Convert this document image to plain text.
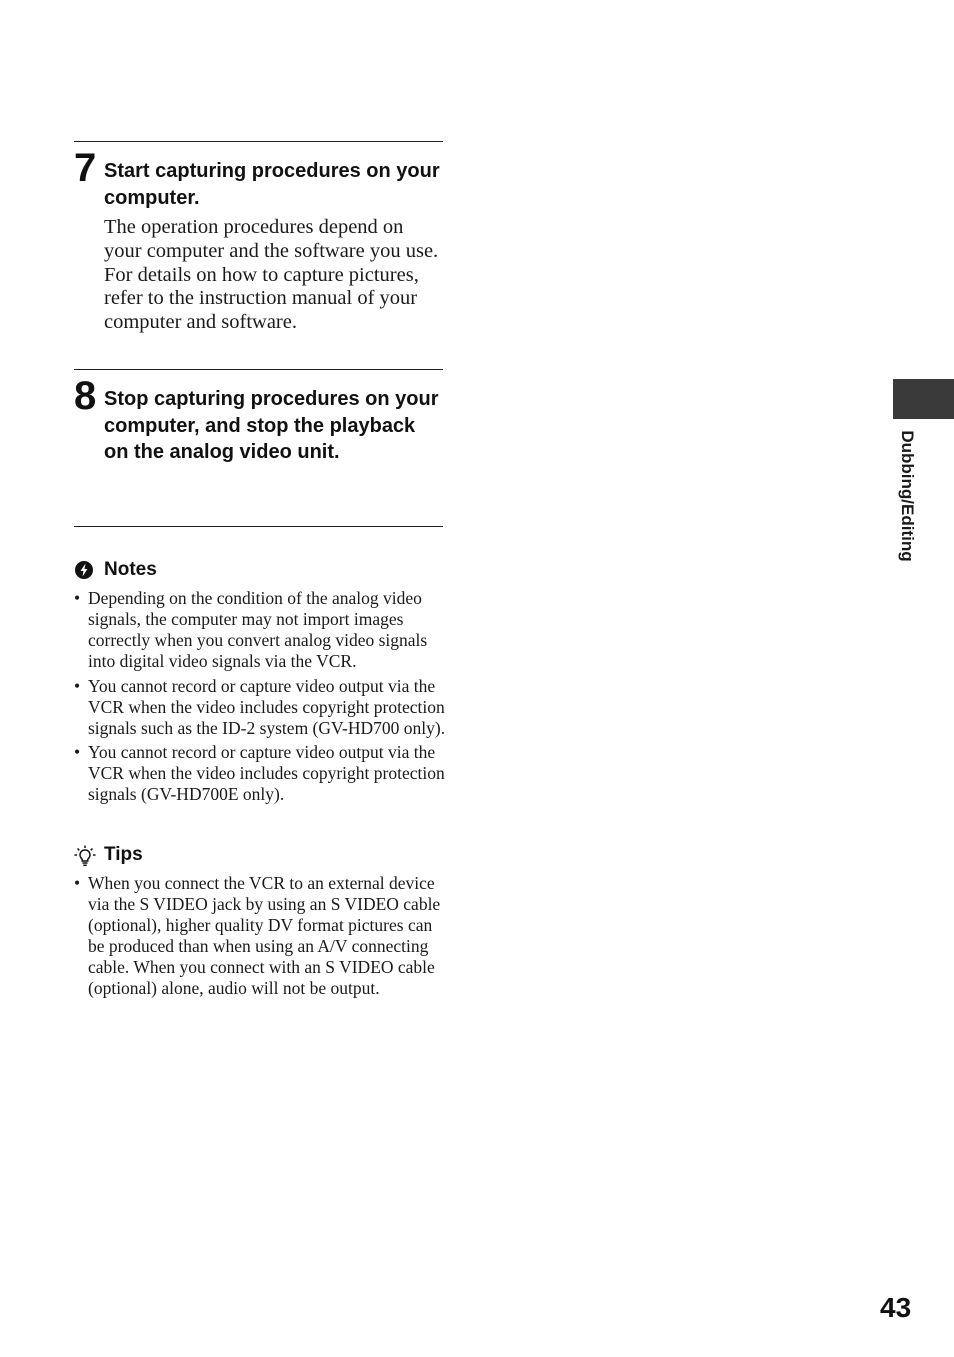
7 Start capturing procedures on your computer.
The operation procedures depend on your computer and the software you use. For details on how to capture pictures, refer to the instruction manual of your computer and software.
8 Stop capturing procedures on your computer, and stop the playback on the analog video unit.
Notes
• Depending on the condition of the analog video signals, the computer may not import images correctly when you convert analog video signals into digital video signals via the VCR.
• You cannot record or capture video output via the VCR when the video includes copyright protection signals such as the ID-2 system (GV-HD700 only).
• You cannot record or capture video output via the VCR when the video includes copyright protection signals (GV-HD700E only).
Tips
• When you connect the VCR to an external device via the S VIDEO jack by using an S VIDEO cable (optional), higher quality DV format pictures can be produced than when using an A/V connecting cable. When you connect with an S VIDEO cable (optional) alone, audio will not be output.
Dubbing/Editing
43
